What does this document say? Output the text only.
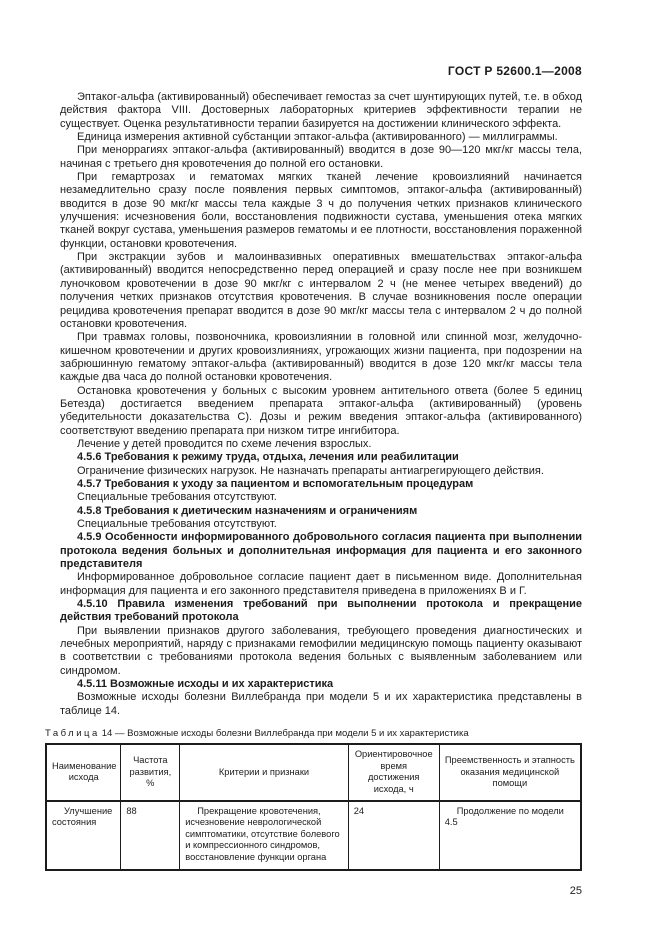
ГОСТ Р 52600.1—2008

Эптаког-альфа (активированный) обеспечивает гемостаз за счет шунтирующих путей, т.е. в обход действия фактора VIII. Достоверных лабораторных критериев эффективности терапии не существует. Оценка результативности терапии базируется на достижении клинического эффекта.

Единица измерения активной субстанции эптаког-альфа (активированного) — миллиграммы.

При меноррагиях эптаког-альфа (активированный) вводится в дозе 90—120 мкг/кг массы тела, начиная с третьего дня кровотечения до полной его остановки.

При гемартрозах и гематомах мягких тканей лечение кровоизлияний начинается незамедлительно сразу после появления первых симптомов, эптаког-альфа (активированный) вводится в дозе 90 мкг/кг массы тела каждые 3 ч до получения четких признаков клинического улучшения: исчезновения боли, восстановления подвижности сустава, уменьшения отека мягких тканей вокруг сустава, уменьшения размеров гематомы и ее плотности, восстановления пораженной функции, остановки кровотечения.

При экстракции зубов и малоинвазивных оперативных вмешательствах эптаког-альфа (активированный) вводится непосредственно перед операцией и сразу после нее при возникшем луночковом кровотечении в дозе 90 мкг/кг с интервалом 2 ч (не менее четырех введений) до получения четких признаков отсутствия кровотечения. В случае возникновения после операции рецидива кровотечения препарат вводится в дозе 90 мкг/кг массы тела с интервалом 2 ч до полной остановки кровотечения.

При травмах головы, позвоночника, кровоизлиянии в головной или спинной мозг, желудочно-кишечном кровотечении и других кровоизлияниях, угрожающих жизни пациента, при подозрении на забрюшинную гематому эптаког-альфа (активированный) вводится в дозе 120 мкг/кг массы тела каждые два часа до полной остановки кровотечения.

Остановка кровотечения у больных с высоким уровнем антительного ответа (более 5 единиц Бетезда) достигается введением препарата эптаког-альфа (активированный) (уровень убедительности доказательства С). Дозы и режим введения эптаког-альфа (активированного) соответствуют введению препарата при низком титре ингибитора.

Лечение у детей проводится по схеме лечения взрослых.

4.5.6 Требования к режиму труда, отдыха, лечения или реабилитации

Ограничение физических нагрузок. Не назначать препараты антиагрегирующего действия.

4.5.7 Требования к уходу за пациентом и вспомогательным процедурам

Специальные требования отсутствуют.

4.5.8 Требования к диетическим назначениям и ограничениям

Специальные требования отсутствуют.

4.5.9 Особенности информированного добровольного согласия пациента при выполнении протокола ведения больных и дополнительная информация для пациента и его законного представителя

Информированное добровольное согласие пациент дает в письменном виде. Дополнительная информация для пациента и его законного представителя приведена в приложениях В и Г.

4.5.10 Правила изменения требований при выполнении протокола и прекращение действия требований протокола

При выявлении признаков другого заболевания, требующего проведения диагностических и лечебных мероприятий, наряду с признаками гемофилии медицинскую помощь пациенту оказывают в соответствии с требованиями протокола ведения больных с выявленным заболеванием или синдромом.

4.5.11 Возможные исходы и их характеристика

Возможные исходы болезни Виллебранда при модели 5 и их характеристика представлены в таблице 14.

Таблица 14 — Возможные исходы болезни Виллебранда при модели 5 и их характеристика
Наименование исхода	Частота развития, %	Критерии и признаки	Ориентировочное время достижения исхода, ч	Преемственность и этапность оказания медицинской помощи
Улучшение состояния	88	Прекращение кровотечения, исчезновение неврологической симптоматики, отсутствие болевого и компрессионного синдромов, восстановление функции органа	24	Продолжение по модели 4.5
25
